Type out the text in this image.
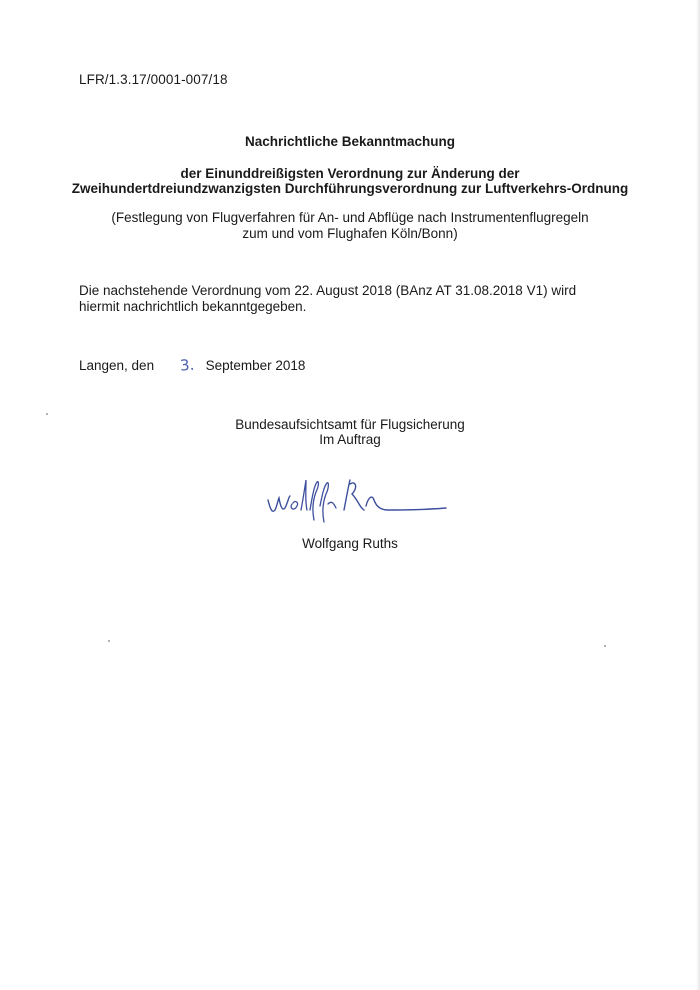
LFR/1.3.17/0001-007/18
Nachrichtliche Bekanntmachung
der Einunddreißigsten Verordnung zur Änderung der
Zweihundertdreiundzwanzigsten Durchführungsverordnung zur Luftverkehrs-Ordnung
(Festlegung von Flugverfahren für An- und Abflüge nach Instrumentenflugregeln
zum und vom Flughafen Köln/Bonn)
Die nachstehende Verordnung vom 22. August 2018 (BAnz AT 31.08.2018 V1) wird hiermit nachrichtlich bekanntgegeben.
Langen, den 3. September 2018
Bundesaufsichtsamt für Flugsicherung
Im Auftrag
Wolfgang Ruths
Wolfgang Ruths
